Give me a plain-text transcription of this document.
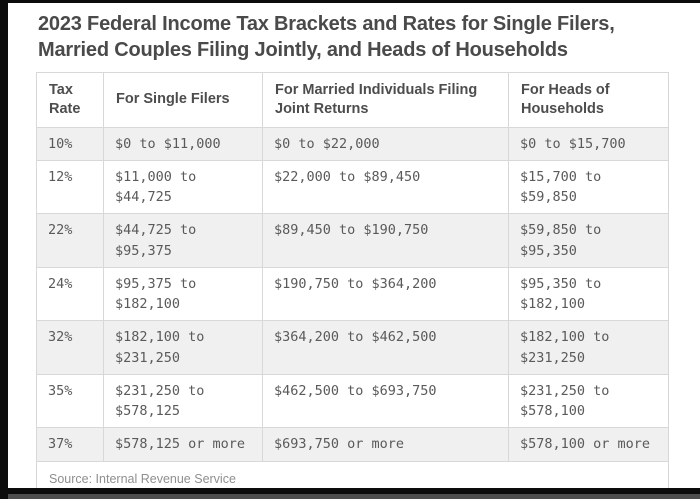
2023 Federal Income Tax Brackets and Rates for Single Filers, Married Couples Filing Jointly, and Heads of Households
Tax Rate	For Single Filers	For Married Individuals Filing Joint Returns	For Heads of Households
10%	$0 to $11,000	$0 to $22,000	$0 to $15,700
12%	$11,000 to $44,725	$22,000 to $89,450	$15,700 to $59,850
22%	$44,725 to $95,375	$89,450 to $190,750	$59,850 to $95,350
24%	$95,375 to $182,100	$190,750 to $364,200	$95,350 to $182,100
32%	$182,100 to $231,250	$364,200 to $462,500	$182,100 to $231,250
35%	$231,250 to $578,125	$462,500 to $693,750	$231,250 to $578,100
37%	$578,125 or more	$693,750 or more	$578,100 or more
Source: Internal Revenue Service			
